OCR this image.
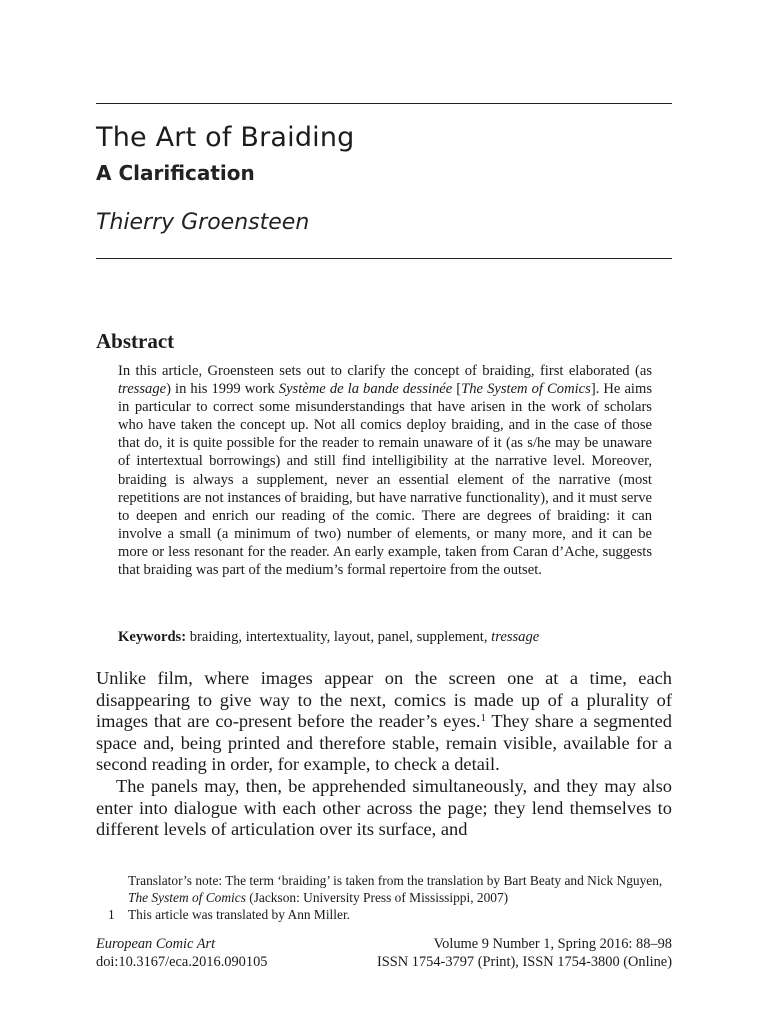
The Art of Braiding
A Clarification
Thierry Groensteen
Abstract

In this article, Groensteen sets out to clarify the concept of braiding, first elaborated (as tressage) in his 1999 work Système de la bande dessinée [The System of Comics]. He aims in particular to correct some misunderstandings that have arisen in the work of scholars who have taken the concept up. Not all comics deploy braiding, and in the case of those that do, it is quite possible for the reader to remain unaware of it (as s/he may be unaware of intertextual borrowings) and still find intelligibility at the narrative level. Moreover, braiding is always a supplement, never an essential element of the narrative (most repetitions are not instances of braiding, but have narrative functionality), and it must serve to deepen and enrich our reading of the comic. There are degrees of braiding: it can involve a small (a minimum of two) number of elements, or many more, and it can be more or less resonant for the reader. An early example, taken from Caran d’Ache, suggests that braiding was part of the medium’s formal repertoire from the outset.

Keywords: braiding, intertextuality, layout, panel, supplement, tressage

Unlike film, where images appear on the screen one at a time, each disappearing to give way to the next, comics is made up of a plurality of images that are co-present before the reader’s eyes.$^1$ They share a segmented space and, being printed and therefore stable, remain visible, available for a second reading in order, for example, to check a detail.

The panels may, then, be apprehended simultaneously, and they may also enter into dialogue with each other across the page; they lend themselves to different levels of articulation over its surface, and

Translator’s note: The term ‘braiding’ is taken from the translation by Bart Beaty and Nick Nguyen, The System of Comics (Jackson: University Press of Mississippi, 2007)
1 This article was translated by Ann Miller.
European Comic Art	Volume 9 Number 1, Spring 2016: 88–98
doi:10.3167/eca.2016.090105	ISSN 1754-3797 (Print), ISSN 1754-3800 (Online)
